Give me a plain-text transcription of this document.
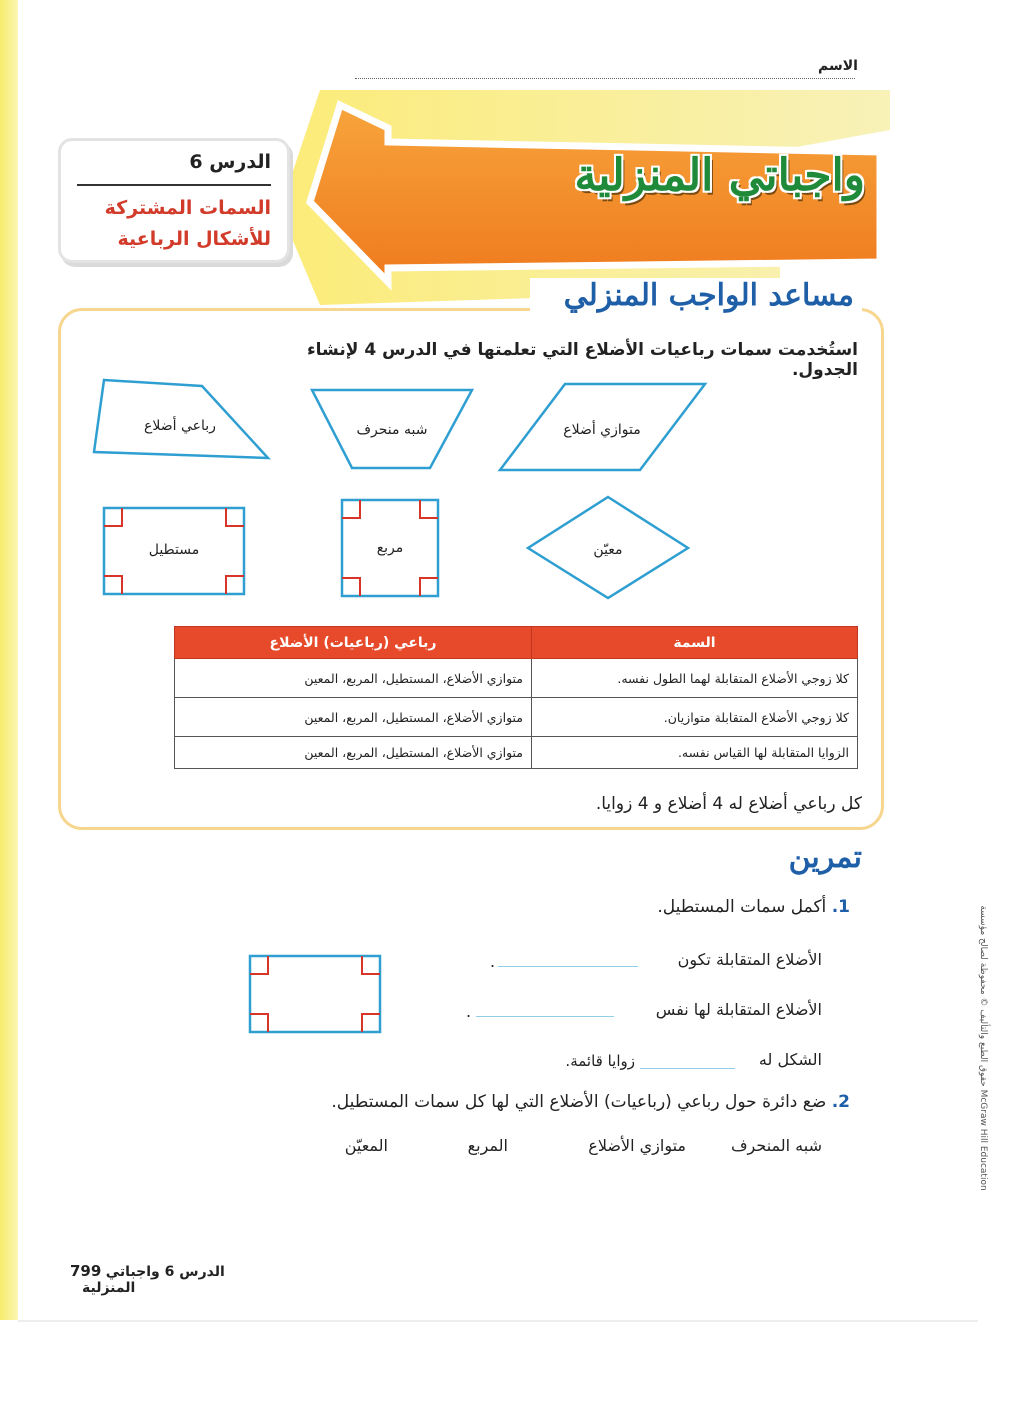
الاسم
الدرس 6
السمات المشتركة
للأشكال الرباعية
واجباتي المنزلية
مساعد الواجب المنزلي
استُخدمت سمات رباعيات الأضلاع التي تعلمتها في الدرس 4 لإنشاء الجدول.
رباعي أضلاع	شبه منحرف	متوازي أضلاع
مستطيل	مربع	معيّن
السمة	رباعي (رباعيات) الأضلاع
كلا زوجي الأضلاع المتقابلة لهما الطول نفسه.	متوازي الأضلاع، المستطيل، المربع، المعين
كلا زوجي الأضلاع المتقابلة متوازيان.	متوازي الأضلاع، المستطيل، المربع، المعين
الزوايا المتقابلة لها القياس نفسه.	متوازي الأضلاع، المستطيل، المربع، المعين
كل رباعي أضلاع له 4 أضلاع و 4 زوايا.
تمرين
1. أكمل سمات المستطيل.
الأضلاع المتقابلة تكون
.
الأضلاع المتقابلة لها نفس
.
الشكل له
زوايا قائمة.
2. ضع دائرة حول رباعي (رباعيات) الأضلاع التي لها كل سمات المستطيل.
شبه المنحرف
متوازي الأضلاع
المربع
المعيّن
حقوق الطبع والتأليف © محفوظة لصالح مؤسسة McGraw Hill Education
799 الدرس 6 واجباتي المنزلية
